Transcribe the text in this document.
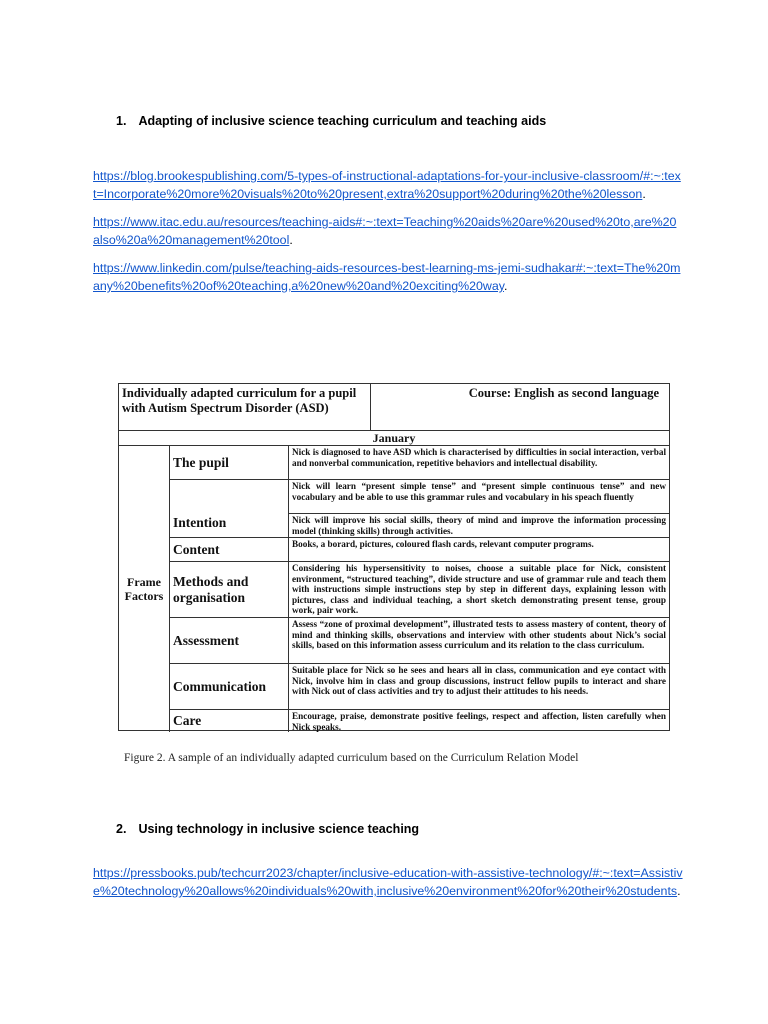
1. Adapting of inclusive science teaching curriculum and teaching aids

https://blog.brookespublishing.com/5-types-of-instructional-adaptations-for-your-inclusive-classroom/#:~:text=Incorporate%20more%20visuals%20to%20present,extra%20support%20during%20the%20lesson.

https://www.itac.edu.au/resources/teaching-aids#:~:text=Teaching%20aids%20are%20used%20to,are%20also%20a%20management%20tool.

https://www.linkedin.com/pulse/teaching-aids-resources-best-learning-ms-jemi-sudhakar#:~:text=The%20many%20benefits%20of%20teaching,a%20new%20and%20exciting%20way.

Individually adapted curriculum for a pupil with Autism Spectrum Disorder (ASD)
Course: English as second language
January
Frame Factors
The pupil
Nick is diagnosed to have ASD which is characterised by difficulties in social interaction, verbal and nonverbal communication, repetitive behaviors and intellectual disability.
Intention
Nick will learn “present simple tense” and “present simple continuous tense” and new vocabulary and be able to use this grammar rules and vocabulary in his speach fluently
Nick will improve his social skills, theory of mind and improve the information processing model (thinking skills) through activities.
Content	Books, a borard, pictures, coloured flash cards, relevant computer programs.
Methods and organisation
Considering his hypersensitivity to noises, choose a suitable place for Nick, consistent environment, “structured teaching”, divide structure and use of grammar rule and teach them with instructions simple instructions step by step in different days, explaining lesson with pictures, class and individual teaching, a short sketch demonstrating present tense, group work, pair work.
Assessment
Assess “zone of proximal development”, illustrated tests to assess mastery of content, theory of mind and thinking skills, observations and interview with other students about Nick’s social skills, based on this information assess curriculum and its relation to the class curriculum.
Communication
Suitable place for Nick so he sees and hears all in class, communication and eye contact with Nick, involve him in class and group discussions, instruct fellow pupils to interact and share with Nick out of class activities and try to adjust their attitudes to his needs.
Care	Encourage, praise, demonstrate positive feelings, respect and affection, listen carefully when Nick speaks.
Figure 2. A sample of an individually adapted curriculum based on the Curriculum Relation Model
2. Using technology in inclusive science teaching

https://pressbooks.pub/techcurr2023/chapter/inclusive-education-with-assistive-technology/#:~:text=Assistive%20technology%20allows%20individuals%20with,inclusive%20environment%20for%20their%20students.
